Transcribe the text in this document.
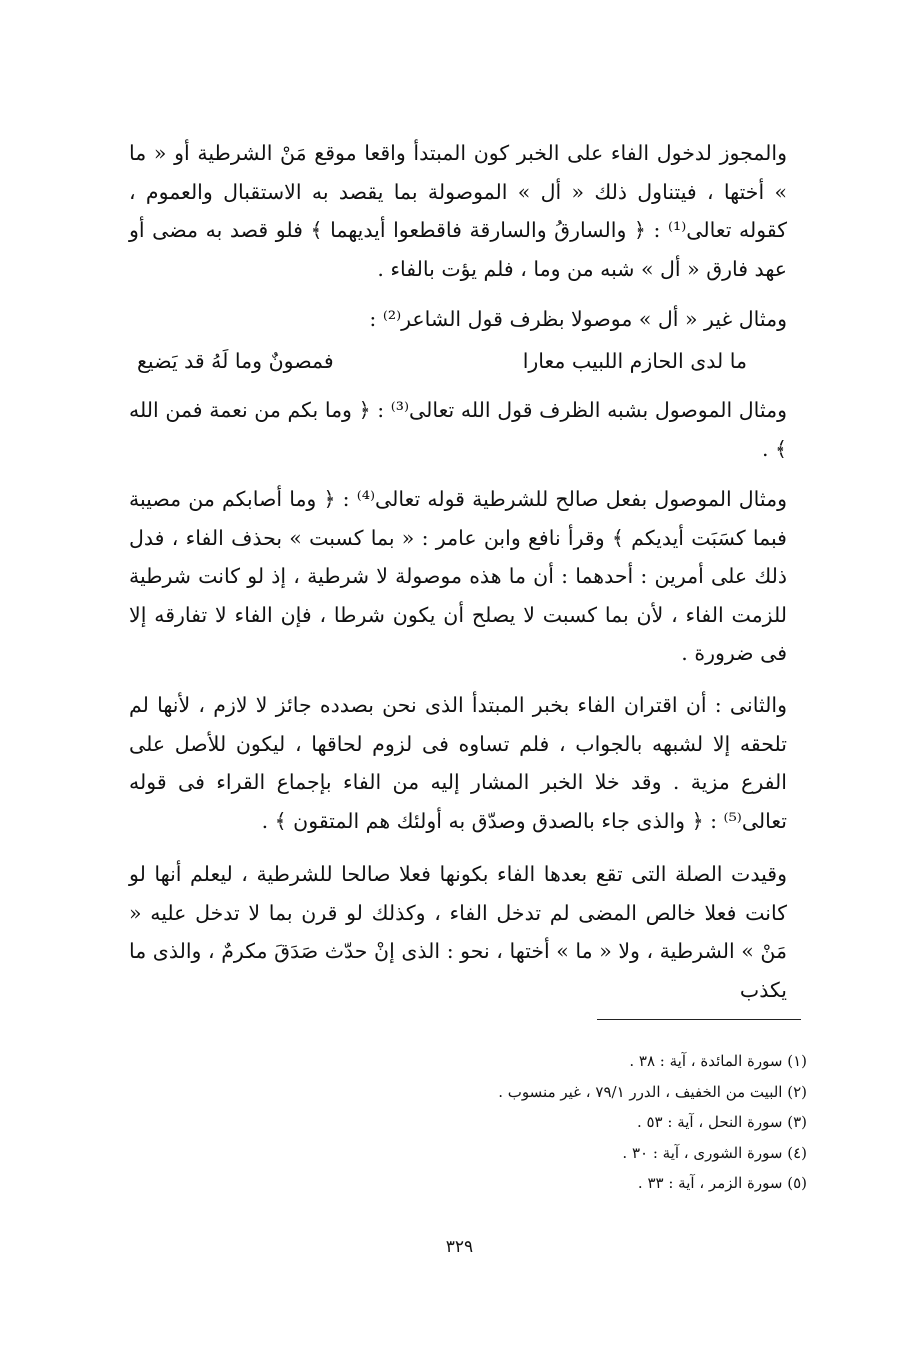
والمجوز لدخول الفاء على الخبر كون المبتدأ واقعا موقع مَنْ الشرطية أو « ما » أختها ، فيتناول ذلك « أل » الموصولة بما يقصد به الاستقبال والعموم ، كقوله تعالى⁽¹⁾ : ﴿ والسارقُ والسارقة فاقطعوا أيديهما ﴾ فلو قصد به مضى أو عهد فارق « أل » شبه من وما ، فلم يؤت بالفاء .

ومثال غير « أل » موصولا بظرف قول الشاعر⁽²⁾ :

ما لدى الحازم اللبيب معارا
فمصونٌ وما لَهُ قد يَضيع

ومثال الموصول بشبه الظرف قول الله تعالى⁽³⁾ : ﴿ وما بكم من نعمة فمن الله ﴾ .

ومثال الموصول بفعل صالح للشرطية قوله تعالى⁽⁴⁾ : ﴿ وما أصابكم من مصيبة فبما كسَبَت أيديكم ﴾ وقرأ نافع وابن عامر : « بما كسبت » بحذف الفاء ، فدل ذلك على أمرين : أحدهما : أن ما هذه موصولة لا شرطية ، إذ لو كانت شرطية للزمت الفاء ، لأن بما كسبت لا يصلح أن يكون شرطا ، فإن الفاء لا تفارقه إلا فى ضرورة .

والثانى : أن اقتران الفاء بخبر المبتدأ الذى نحن بصدده جائز لا لازم ، لأنها لم تلحقه إلا لشبهه بالجواب ، فلم تساوه فى لزوم لحاقها ، ليكون للأصل على الفرع مزية . وقد خلا الخبر المشار إليه من الفاء بإجماع القراء فى قوله تعالى⁽⁵⁾ : ﴿ والذى جاء بالصدق وصدّق به أولئك هم المتقون ﴾ .

وقيدت الصلة التى تقع بعدها الفاء بكونها فعلا صالحا للشرطية ، ليعلم أنها لو كانت فعلا خالص المضى لم تدخل الفاء ، وكذلك لو قرن بما لا تدخل عليه « مَنْ » الشرطية ، ولا « ما » أختها ، نحو : الذى إنْ حدّث صَدَقَ مكرمٌ ، والذى ما يكذب

(١) سورة المائدة ، آية : ٣٨ .
(٢) البيت من الخفيف ، الدرر ٧٩/١ ، غير منسوب .
(٣) سورة النحل ، آية : ٥٣ .
(٤) سورة الشورى ، آية : ٣٠ .
(٥) سورة الزمر ، آية : ٣٣ .
٣٢٩
